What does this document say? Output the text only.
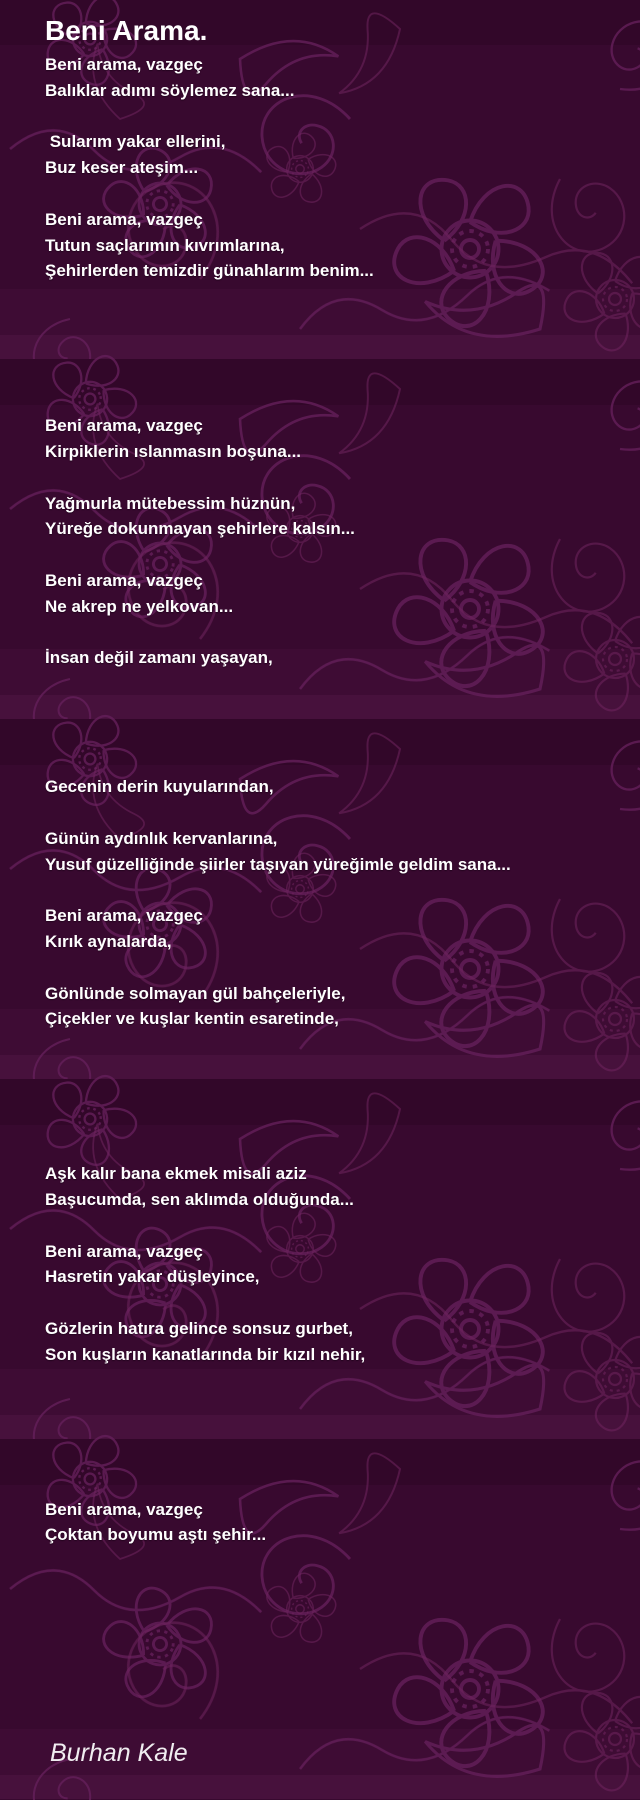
Beni Arama.
Beni arama, vazgeç
Balıklar adımı söylemez sana...
Sularım yakar ellerini,
Buz keser ateşim...
Beni arama, vazgeç
Tutun saçlarımın kıvrımlarına,
Şehirlerden temizdir günahlarım benim...
Beni arama, vazgeç
Kirpiklerin ıslanmasın boşuna...
Yağmurla mütebessim hüznün,
Yüreğe dokunmayan şehirlere kalsın...
Beni arama, vazgeç
Ne akrep ne yelkovan...
İnsan değil zamanı yaşayan,
Gecenin derin kuyularından,
Günün aydınlık kervanlarına,
Yusuf güzelliğinde şiirler taşıyan yüreğimle geldim sana...
Beni arama, vazgeç
Kırık aynalarda,
Gönlünde solmayan gül bahçeleriyle,
Çiçekler ve kuşlar kentin esaretinde,
Aşk kalır bana ekmek misali aziz
Başucumda, sen aklımda olduğunda...
Beni arama, vazgeç
Hasretin yakar düşleyince,
Gözlerin hatıra gelince sonsuz gurbet,
Son kuşların kanatlarında bir kızıl nehir,
Beni arama, vazgeç
Çoktan boyumu aştı şehir...
Burhan Kale
